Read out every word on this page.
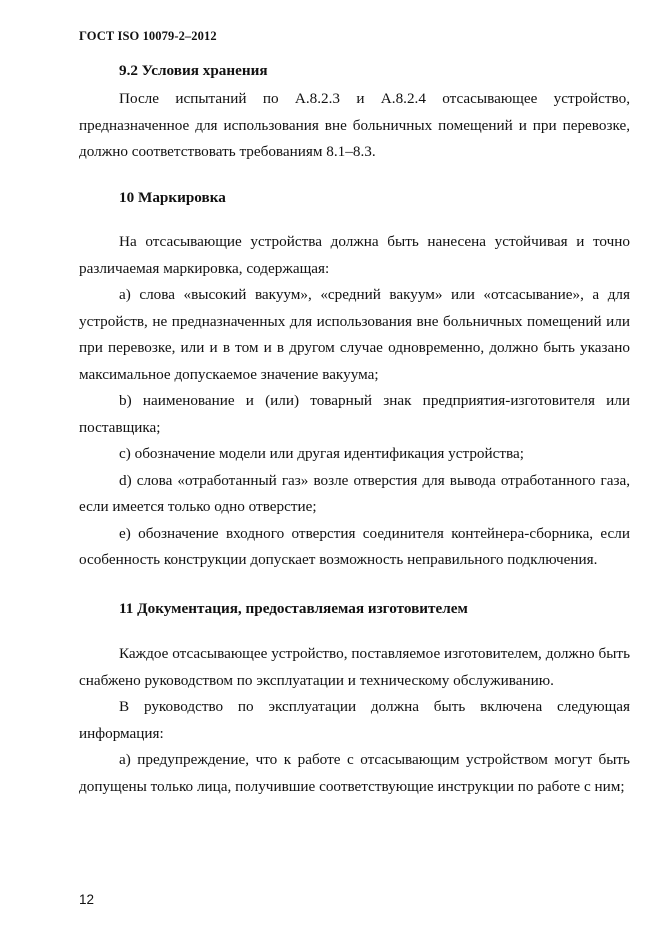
ГОСТ ISO 10079-2–2012
9.2 Условия хранения

После испытаний по А.8.2.3 и А.8.2.4 отсасывающее устройство, предназначенное для использования вне больничных помещений и при перевозке, должно соответствовать требованиям 8.1–8.3.

10 Маркировка

На отсасывающие устройства должна быть нанесена устойчивая и точно различаемая маркировка, содержащая:

a) слова «высокий вакуум», «средний вакуум» или «отсасывание», а для устройств, не предназначенных для использования вне больничных помещений или при перевозке, или и в том и в другом случае одновременно, должно быть указано максимальное допускаемое значение вакуума;

b) наименование и (или) товарный знак предприятия-изготовителя или поставщика;

c) обозначение модели или другая идентификация устройства;

d) слова «отработанный газ» возле отверстия для вывода отработанного газа, если имеется только одно отверстие;

e) обозначение входного отверстия соединителя контейнера-сборника, если особенность конструкции допускает возможность неправильного подключения.

11 Документация, предоставляемая изготовителем

Каждое отсасывающее устройство, поставляемое изготовителем, должно быть снабжено руководством по эксплуатации и техническому обслуживанию.

В руководство по эксплуатации должна быть включена следующая информация:

a) предупреждение, что к работе с отсасывающим устройством могут быть допущены только лица, получившие соответствующие инструкции по работе с ним;

12
